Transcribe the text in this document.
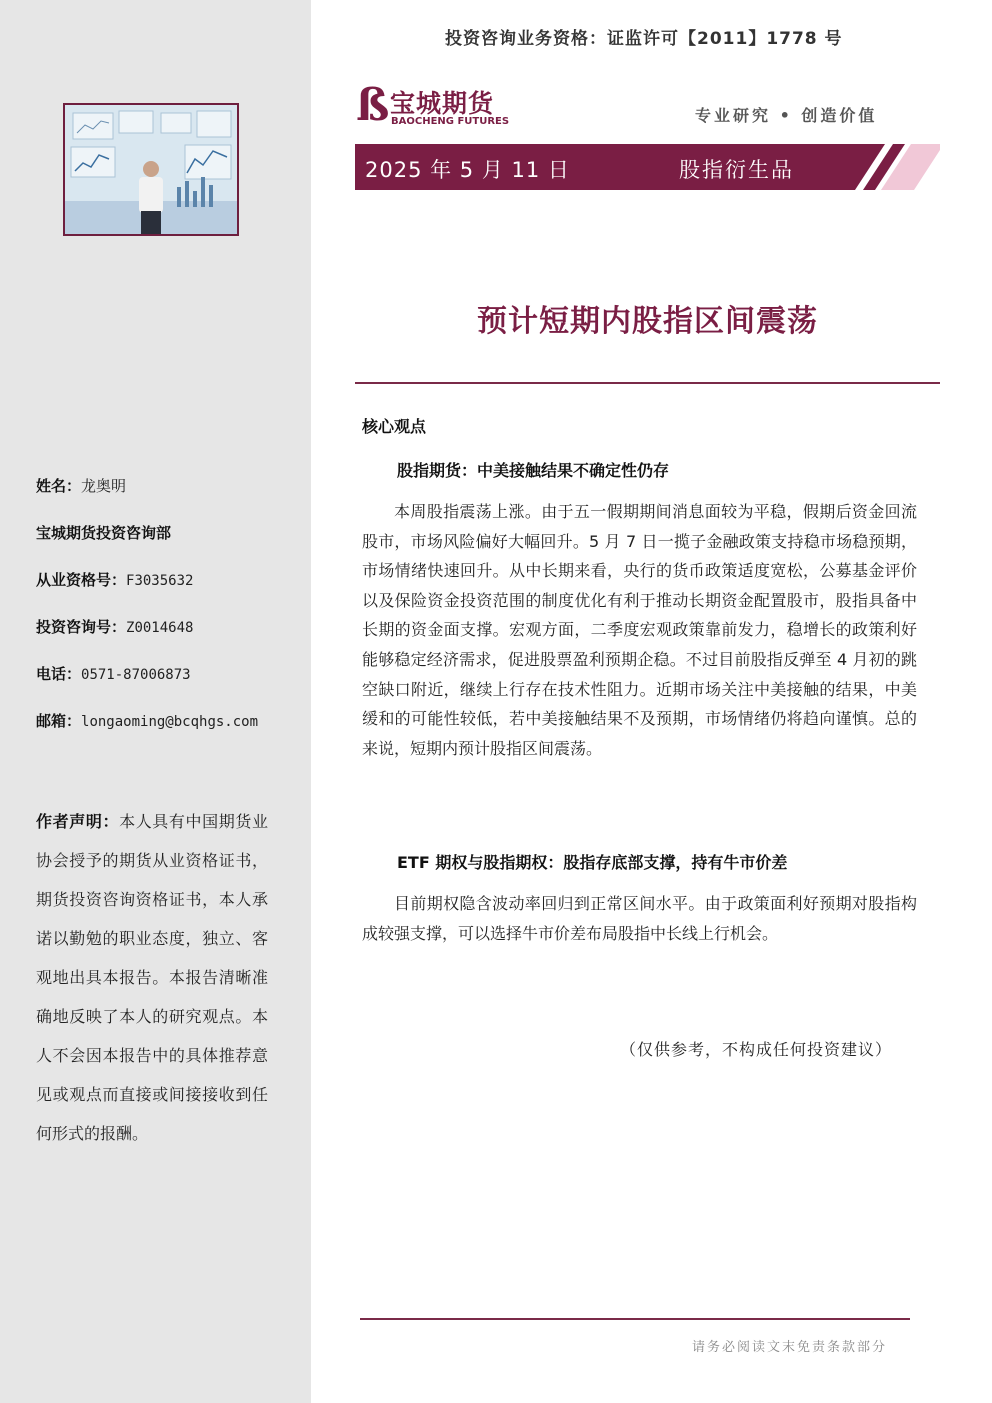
姓名：龙奥明
宝城期货投资咨询部
从业资格号：F3035632
投资咨询号：Z0014648
电话：0571-87006873
邮箱：longaoming@bcqhgs.com
作者声明：本人具有中国期货业协会授予的期货从业资格证书，期货投资咨询资格证书，本人承诺以勤勉的职业态度，独立、客观地出具本报告。本报告清晰准确地反映了本人的研究观点。本人不会因本报告中的具体推荐意见或观点而直接或间接接收到任何形式的报酬。
投资咨询业务资格：证监许可【2011】1778 号
ß 宝城期货
BAOCHENG FUTURES	专业研究 • 创造价值
2025 年 5 月 11 日	股指衍生品
预计短期内股指区间震荡
核心观点
股指期货：中美接触结果不确定性仍存
本周股指震荡上涨。由于五一假期期间消息面较为平稳，假期后资金回流股市，市场风险偏好大幅回升。5 月 7 日一揽子金融政策支持稳市场稳预期，市场情绪快速回升。从中长期来看，央行的货币政策适度宽松，公募基金评价以及保险资金投资范围的制度优化有利于推动长期资金配置股市，股指具备中长期的资金面支撑。宏观方面，二季度宏观政策靠前发力，稳增长的政策利好能够稳定经济需求，促进股票盈利预期企稳。不过目前股指反弹至 4 月初的跳空缺口附近，继续上行存在技术性阻力。近期市场关注中美接触的结果，中美缓和的可能性较低，若中美接触结果不及预期，市场情绪仍将趋向谨慎。总的来说，短期内预计股指区间震荡。
ETF 期权与股指期权：股指存底部支撑，持有牛市价差
目前期权隐含波动率回归到正常区间水平。由于政策面利好预期对股指构成较强支撑，可以选择牛市价差布局股指中长线上行机会。
（仅供参考，不构成任何投资建议）
请务必阅读文末免责条款部分
